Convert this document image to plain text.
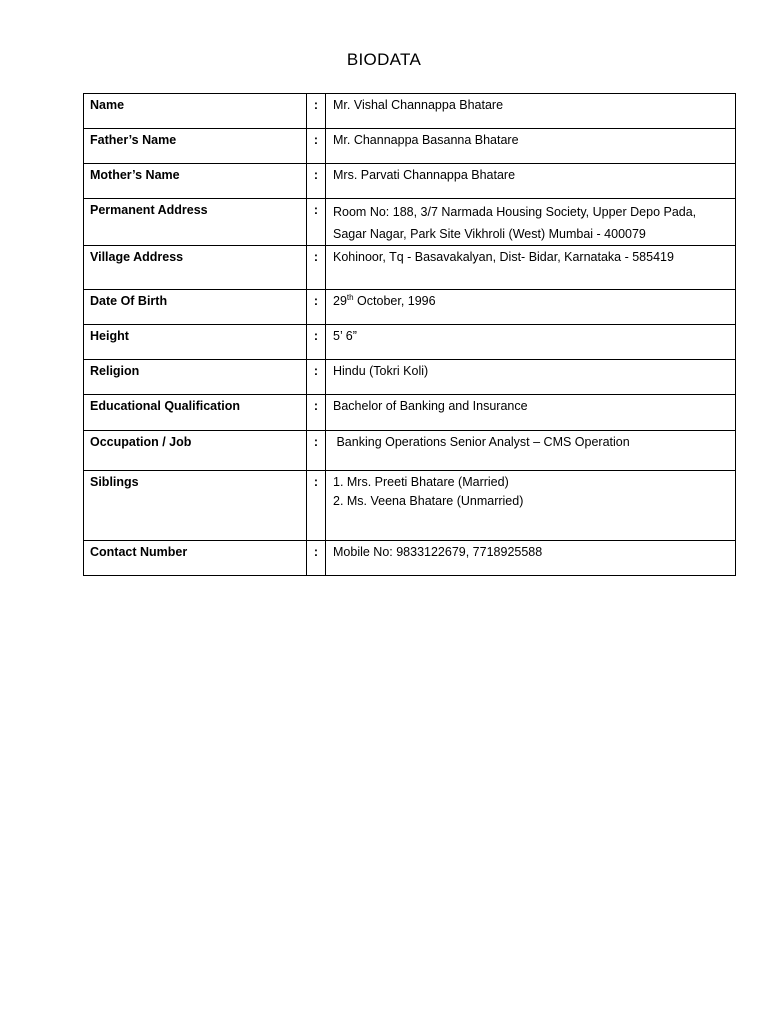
BIODATA
Name	:	Mr. Vishal Channappa Bhatare
Father’s Name	:	Mr. Channappa Basanna Bhatare
Mother’s Name	:	Mrs. Parvati Channappa Bhatare
Permanent Address	:	Room No: 188, 3/7 Narmada Housing Society, Upper Depo Pada,
Sagar Nagar, Park Site Vikhroli (West) Mumbai - 400079

Village Address	:	Kohinoor, Tq - Basavakalyan, Dist- Bidar, Karnataka - 585419
Date Of Birth	:	29th October, 1996
Height	:	5’ 6”
Religion	:	Hindu (Tokri Koli)
Educational Qualification	:	Bachelor of Banking and Insurance
Occupation / Job	:	Banking Operations Senior Analyst – CMS Operation
Siblings	:	1. Mrs. Preeti Bhatare (Married)
2. Ms. Veena Bhatare (Unmarried)

Contact Number	:	Mobile No: 9833122679, 7718925588
